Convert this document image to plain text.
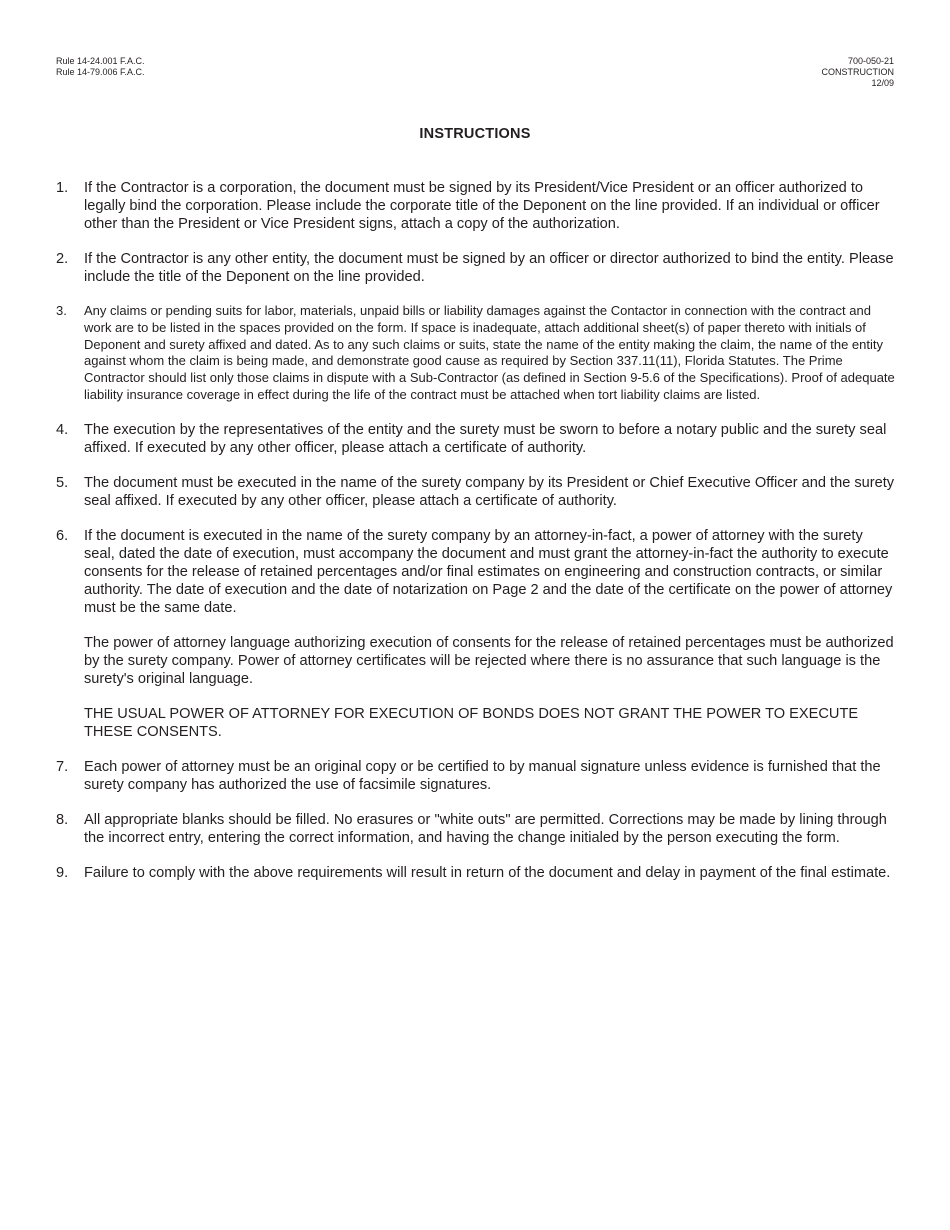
Rule 14-24.001 F.A.C.
Rule 14-79.006 F.A.C.
700-050-21
CONSTRUCTION
12/09
INSTRUCTIONS
1. If the Contractor is a corporation, the document must be signed by its President/Vice President or an officer authorized to legally bind the corporation. Please include the corporate title of the Deponent on the line provided. If an individual or officer other than the President or Vice President signs, attach a copy of the authorization.
2. If the Contractor is any other entity, the document must be signed by an officer or director authorized to bind the entity. Please include the title of the Deponent on the line provided.
3. Any claims or pending suits for labor, materials, unpaid bills or liability damages against the Contactor in connection with the contract and work are to be listed in the spaces provided on the form. If space is inadequate, attach additional sheet(s) of paper thereto with initials of Deponent and surety affixed and dated. As to any such claims or suits, state the name of the entity making the claim, the name of the entity against whom the claim is being made, and demonstrate good cause as required by Section 337.11(11), Florida Statutes. The Prime Contractor should list only those claims in dispute with a Sub-Contractor (as defined in Section 9-5.6 of the Specifications). Proof of adequate liability insurance coverage in effect during the life of the contract must be attached when tort liability claims are listed.
4. The execution by the representatives of the entity and the surety must be sworn to before a notary public and the surety seal affixed. If executed by any other officer, please attach a certificate of authority.
5. The document must be executed in the name of the surety company by its President or Chief Executive Officer and the surety seal affixed. If executed by any other officer, please attach a certificate of authority.
6. If the document is executed in the name of the surety company by an attorney-in-fact, a power of attorney with the surety seal, dated the date of execution, must accompany the document and must grant the attorney-in-fact the authority to execute consents for the release of retained percentages and/or final estimates on engineering and construction contracts, or similar authority. The date of execution and the date of notarization on Page 2 and the date of the certificate on the power of attorney must be the same date.
The power of attorney language authorizing execution of consents for the release of retained percentages must be authorized by the surety company. Power of attorney certificates will be rejected where there is no assurance that such language is the surety's original language.
THE USUAL POWER OF ATTORNEY FOR EXECUTION OF BONDS DOES NOT GRANT THE POWER TO EXECUTE THESE CONSENTS.
7. Each power of attorney must be an original copy or be certified to by manual signature unless evidence is furnished that the surety company has authorized the use of facsimile signatures.
8. All appropriate blanks should be filled. No erasures or "white outs" are permitted. Corrections may be made by lining through the incorrect entry, entering the correct information, and having the change initialed by the person executing the form.
9. Failure to comply with the above requirements will result in return of the document and delay in payment of the final estimate.
